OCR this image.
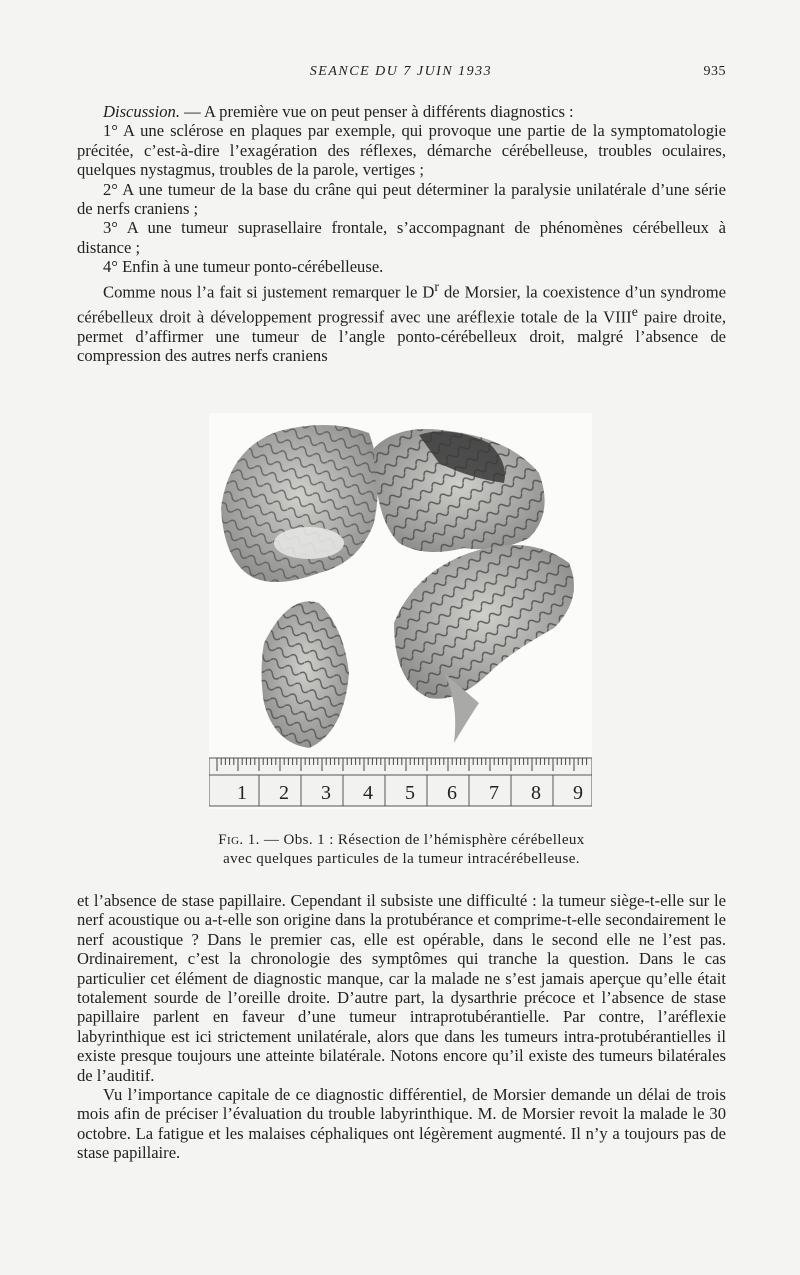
SEANCE DU 7 JUIN 1933	935

Discussion. — A première vue on peut penser à différents diagnostics :

1° A une sclérose en plaques par exemple, qui provoque une partie de la symptomatologie précitée, c’est-à-dire l’exagération des réflexes, démarche cérébelleuse, troubles oculaires, quelques nystagmus, troubles de la parole, vertiges ;

2° A une tumeur de la base du crâne qui peut déterminer la paralysie unilatérale d’une série de nerfs craniens ;

3° A une tumeur suprasellaire frontale, s’accompagnant de phénomènes cérébelleux à distance ;

4° Enfin à une tumeur ponto-cérébelleuse.

Comme nous l’a fait si justement remarquer le $D^r$ de Morsier, la coexistence d’un syndrome cérébelleux droit à développement progressif avec une aréflexie totale de la VIIIe paire droite, permet d’affirmer une tumeur de l’angle ponto-cérébelleux droit, malgré l’absence de compression des autres nerfs craniens

1 2 3 4 5 6 7 8 9
Fig. 1. — Obs. 1 : Résection de l’hémisphère cérébelleux
avec quelques particules de la tumeur intracérébelleuse.

et l’absence de stase papillaire. Cependant il subsiste une difficulté : la tumeur siège-t-elle sur le nerf acoustique ou a-t-elle son origine dans la protubérance et comprime-t-elle secondairement le nerf acoustique ? Dans le premier cas, elle est opérable, dans le second elle ne l’est pas. Ordinairement, c’est la chronologie des symptômes qui tranche la question. Dans le cas particulier cet élément de diagnostic manque, car la malade ne s’est jamais aperçue qu’elle était totalement sourde de l’oreille droite. D’autre part, la dysarthrie précoce et l’absence de stase papillaire parlent en faveur d’une tumeur intraprotubérantielle. Par contre, l’aréflexie labyrinthique est ici strictement unilatérale, alors que dans les tumeurs intra-protubérantielles il existe presque toujours une atteinte bilatérale. Notons encore qu’il existe des tumeurs bilatérales de l’auditif.

Vu l’importance capitale de ce diagnostic différentiel, de Morsier demande un délai de trois mois afin de préciser l’évaluation du trouble labyrinthique. M. de Morsier revoit la malade le 30 octobre. La fatigue et les malaises céphaliques ont légèrement augmenté. Il n’y a toujours pas de stase papillaire.
